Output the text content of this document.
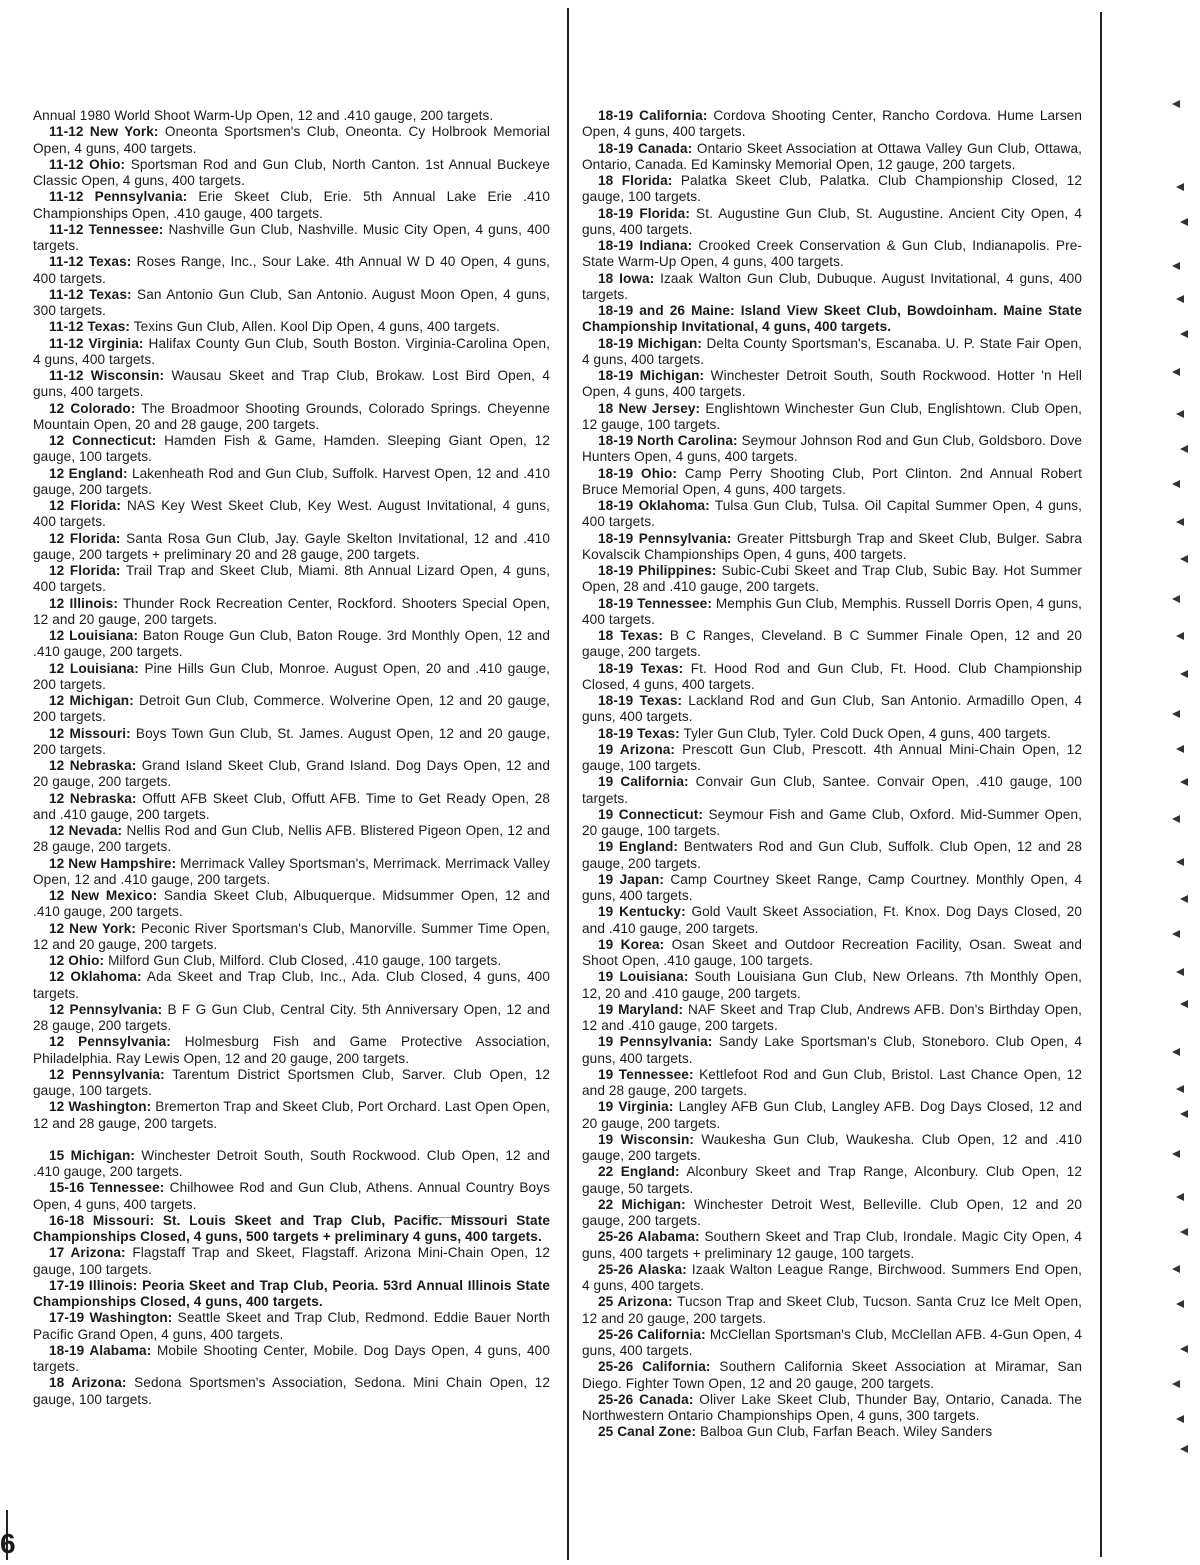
Annual 1980 World Shoot Warm-Up Open, 12 and .410 gauge, 200 targets.

11-12 New York: Oneonta Sportsmen's Club, Oneonta. Cy Holbrook Memorial Open, 4 guns, 400 targets.

11-12 Ohio: Sportsman Rod and Gun Club, North Canton. 1st Annual Buckeye Classic Open, 4 guns, 400 targets.

11-12 Pennsylvania: Erie Skeet Club, Erie. 5th Annual Lake Erie .410 Championships Open, .410 gauge, 400 targets.

11-12 Tennessee: Nashville Gun Club, Nashville. Music City Open, 4 guns, 400 targets.

11-12 Texas: Roses Range, Inc., Sour Lake. 4th Annual W D 40 Open, 4 guns, 400 targets.

11-12 Texas: San Antonio Gun Club, San Antonio. August Moon Open, 4 guns, 300 targets.

11-12 Texas: Texins Gun Club, Allen. Kool Dip Open, 4 guns, 400 targets.

11-12 Virginia: Halifax County Gun Club, South Boston. Virginia-Carolina Open, 4 guns, 400 targets.

11-12 Wisconsin: Wausau Skeet and Trap Club, Brokaw. Lost Bird Open, 4 guns, 400 targets.

12 Colorado: The Broadmoor Shooting Grounds, Colorado Springs. Cheyenne Mountain Open, 20 and 28 gauge, 200 targets.

12 Connecticut: Hamden Fish & Game, Hamden. Sleeping Giant Open, 12 gauge, 100 targets.

12 England: Lakenheath Rod and Gun Club, Suffolk. Harvest Open, 12 and .410 gauge, 200 targets.

12 Florida: NAS Key West Skeet Club, Key West. August Invitational, 4 guns, 400 targets.

12 Florida: Santa Rosa Gun Club, Jay. Gayle Skelton Invitational, 12 and .410 gauge, 200 targets + preliminary 20 and 28 gauge, 200 targets.

12 Florida: Trail Trap and Skeet Club, Miami. 8th Annual Lizard Open, 4 guns, 400 targets.

12 Illinois: Thunder Rock Recreation Center, Rockford. Shooters Special Open, 12 and 20 gauge, 200 targets.

12 Louisiana: Baton Rouge Gun Club, Baton Rouge. 3rd Monthly Open, 12 and .410 gauge, 200 targets.

12 Louisiana: Pine Hills Gun Club, Monroe. August Open, 20 and .410 gauge, 200 targets.

12 Michigan: Detroit Gun Club, Commerce. Wolverine Open, 12 and 20 gauge, 200 targets.

12 Missouri: Boys Town Gun Club, St. James. August Open, 12 and 20 gauge, 200 targets.

12 Nebraska: Grand Island Skeet Club, Grand Island. Dog Days Open, 12 and 20 gauge, 200 targets.

12 Nebraska: Offutt AFB Skeet Club, Offutt AFB. Time to Get Ready Open, 28 and .410 gauge, 200 targets.

12 Nevada: Nellis Rod and Gun Club, Nellis AFB. Blistered Pigeon Open, 12 and 28 gauge, 200 targets.

12 New Hampshire: Merrimack Valley Sportsman's, Merrimack. Merrimack Valley Open, 12 and .410 gauge, 200 targets.

12 New Mexico: Sandia Skeet Club, Albuquerque. Midsummer Open, 12 and .410 gauge, 200 targets.

12 New York: Peconic River Sportsman's Club, Manorville. Summer Time Open, 12 and 20 gauge, 200 targets.

12 Ohio: Milford Gun Club, Milford. Club Closed, .410 gauge, 100 targets.

12 Oklahoma: Ada Skeet and Trap Club, Inc., Ada. Club Closed, 4 guns, 400 targets.

12 Pennsylvania: B F G Gun Club, Central City. 5th Anniversary Open, 12 and 28 gauge, 200 targets.

12 Pennsylvania: Holmesburg Fish and Game Protective Association, Philadelphia. Ray Lewis Open, 12 and 20 gauge, 200 targets.

12 Pennsylvania: Tarentum District Sportsmen Club, Sarver. Club Open, 12 gauge, 100 targets.

12 Washington: Bremerton Trap and Skeet Club, Port Orchard. Last Open Open, 12 and 28 gauge, 200 targets.

15 Michigan: Winchester Detroit South, South Rockwood. Club Open, 12 and .410 gauge, 200 targets.

15-16 Tennessee: Chilhowee Rod and Gun Club, Athens. Annual Country Boys Open, 4 guns, 400 targets.

16-18 Missouri: St. Louis Skeet and Trap Club, Pacific. Missouri State Championships Closed, 4 guns, 500 targets + preliminary 4 guns, 400 targets.

17 Arizona: Flagstaff Trap and Skeet, Flagstaff. Arizona Mini-Chain Open, 12 gauge, 100 targets.

17-19 Illinois: Peoria Skeet and Trap Club, Peoria. 53rd Annual Illinois State Championships Closed, 4 guns, 400 targets.

17-19 Washington: Seattle Skeet and Trap Club, Redmond. Eddie Bauer North Pacific Grand Open, 4 guns, 400 targets.

18-19 Alabama: Mobile Shooting Center, Mobile. Dog Days Open, 4 guns, 400 targets.

18 Arizona: Sedona Sportsmen's Association, Sedona. Mini Chain Open, 12 gauge, 100 targets.

18-19 California: Cordova Shooting Center, Rancho Cordova. Hume Larsen Open, 4 guns, 400 targets.

18-19 Canada: Ontario Skeet Association at Ottawa Valley Gun Club, Ottawa, Ontario, Canada. Ed Kaminsky Memorial Open, 12 gauge, 200 targets.

18 Florida: Palatka Skeet Club, Palatka. Club Championship Closed, 12 gauge, 100 targets.

18-19 Florida: St. Augustine Gun Club, St. Augustine. Ancient City Open, 4 guns, 400 targets.

18-19 Indiana: Crooked Creek Conservation & Gun Club, Indianapolis. Pre-State Warm-Up Open, 4 guns, 400 targets.

18 Iowa: Izaak Walton Gun Club, Dubuque. August Invitational, 4 guns, 400 targets.

18-19 and 26 Maine: Island View Skeet Club, Bowdoinham. Maine State Championship Invitational, 4 guns, 400 targets.

18-19 Michigan: Delta County Sportsman's, Escanaba. U. P. State Fair Open, 4 guns, 400 targets.

18-19 Michigan: Winchester Detroit South, South Rockwood. Hotter 'n Hell Open, 4 guns, 400 targets.

18 New Jersey: Englishtown Winchester Gun Club, Englishtown. Club Open, 12 gauge, 100 targets.

18-19 North Carolina: Seymour Johnson Rod and Gun Club, Goldsboro. Dove Hunters Open, 4 guns, 400 targets.

18-19 Ohio: Camp Perry Shooting Club, Port Clinton. 2nd Annual Robert Bruce Memorial Open, 4 guns, 400 targets.

18-19 Oklahoma: Tulsa Gun Club, Tulsa. Oil Capital Summer Open, 4 guns, 400 targets.

18-19 Pennsylvania: Greater Pittsburgh Trap and Skeet Club, Bulger. Sabra Kovalscik Championships Open, 4 guns, 400 targets.

18-19 Philippines: Subic-Cubi Skeet and Trap Club, Subic Bay. Hot Summer Open, 28 and .410 gauge, 200 targets.

18-19 Tennessee: Memphis Gun Club, Memphis. Russell Dorris Open, 4 guns, 400 targets.

18 Texas: B C Ranges, Cleveland. B C Summer Finale Open, 12 and 20 gauge, 200 targets.

18-19 Texas: Ft. Hood Rod and Gun Club, Ft. Hood. Club Championship Closed, 4 guns, 400 targets.

18-19 Texas: Lackland Rod and Gun Club, San Antonio. Armadillo Open, 4 guns, 400 targets.

18-19 Texas: Tyler Gun Club, Tyler. Cold Duck Open, 4 guns, 400 targets.

19 Arizona: Prescott Gun Club, Prescott. 4th Annual Mini-Chain Open, 12 gauge, 100 targets.

19 California: Convair Gun Club, Santee. Convair Open, .410 gauge, 100 targets.

19 Connecticut: Seymour Fish and Game Club, Oxford. Mid-Summer Open, 20 gauge, 100 targets.

19 England: Bentwaters Rod and Gun Club, Suffolk. Club Open, 12 and 28 gauge, 200 targets.

19 Japan: Camp Courtney Skeet Range, Camp Courtney. Monthly Open, 4 guns, 400 targets.

19 Kentucky: Gold Vault Skeet Association, Ft. Knox. Dog Days Closed, 20 and .410 gauge, 200 targets.

19 Korea: Osan Skeet and Outdoor Recreation Facility, Osan. Sweat and Shoot Open, .410 gauge, 100 targets.

19 Louisiana: South Louisiana Gun Club, New Orleans. 7th Monthly Open, 12, 20 and .410 gauge, 200 targets.

19 Maryland: NAF Skeet and Trap Club, Andrews AFB. Don's Birthday Open, 12 and .410 gauge, 200 targets.

19 Pennsylvania: Sandy Lake Sportsman's Club, Stoneboro. Club Open, 4 guns, 400 targets.

19 Tennessee: Kettlefoot Rod and Gun Club, Bristol. Last Chance Open, 12 and 28 gauge, 200 targets.

19 Virginia: Langley AFB Gun Club, Langley AFB. Dog Days Closed, 12 and 20 gauge, 200 targets.

19 Wisconsin: Waukesha Gun Club, Waukesha. Club Open, 12 and .410 gauge, 200 targets.

22 England: Alconbury Skeet and Trap Range, Alconbury. Club Open, 12 gauge, 50 targets.

22 Michigan: Winchester Detroit West, Belleville. Club Open, 12 and 20 gauge, 200 targets.

25-26 Alabama: Southern Skeet and Trap Club, Irondale. Magic City Open, 4 guns, 400 targets + preliminary 12 gauge, 100 targets.

25-26 Alaska: Izaak Walton League Range, Birchwood. Summers End Open, 4 guns, 400 targets.

25 Arizona: Tucson Trap and Skeet Club, Tucson. Santa Cruz Ice Melt Open, 12 and 20 gauge, 200 targets.

25-26 California: McClellan Sportsman's Club, McClellan AFB. 4-Gun Open, 4 guns, 400 targets.

25-26 California: Southern California Skeet Association at Miramar, San Diego. Fighter Town Open, 12 and 20 gauge, 200 targets.

25-26 Canada: Oliver Lake Skeet Club, Thunder Bay, Ontario, Canada. The Northwestern Ontario Championships Open, 4 guns, 300 targets.

25 Canal Zone: Balboa Gun Club, Farfan Beach. Wiley Sanders

6
